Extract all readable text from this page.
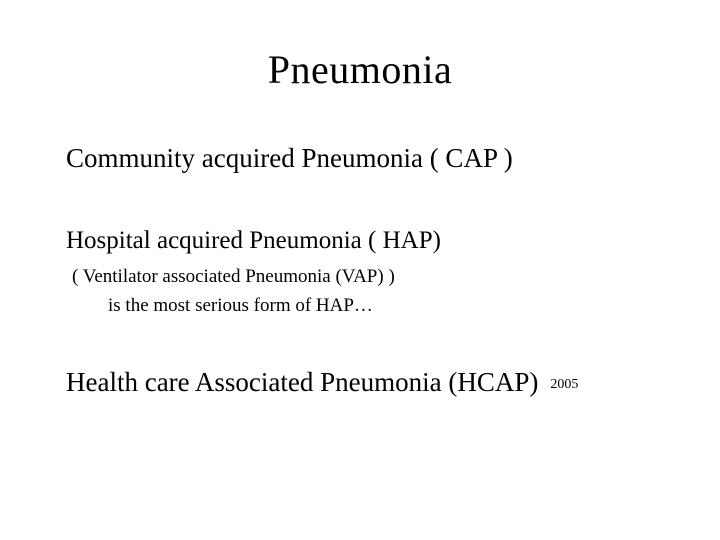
Pneumonia
Community acquired Pneumonia ( CAP )
Hospital acquired Pneumonia ( HAP)
( Ventilator associated Pneumonia (VAP) )
is the most serious form of HAP…
Health care Associated Pneumonia (HCAP) 2005
